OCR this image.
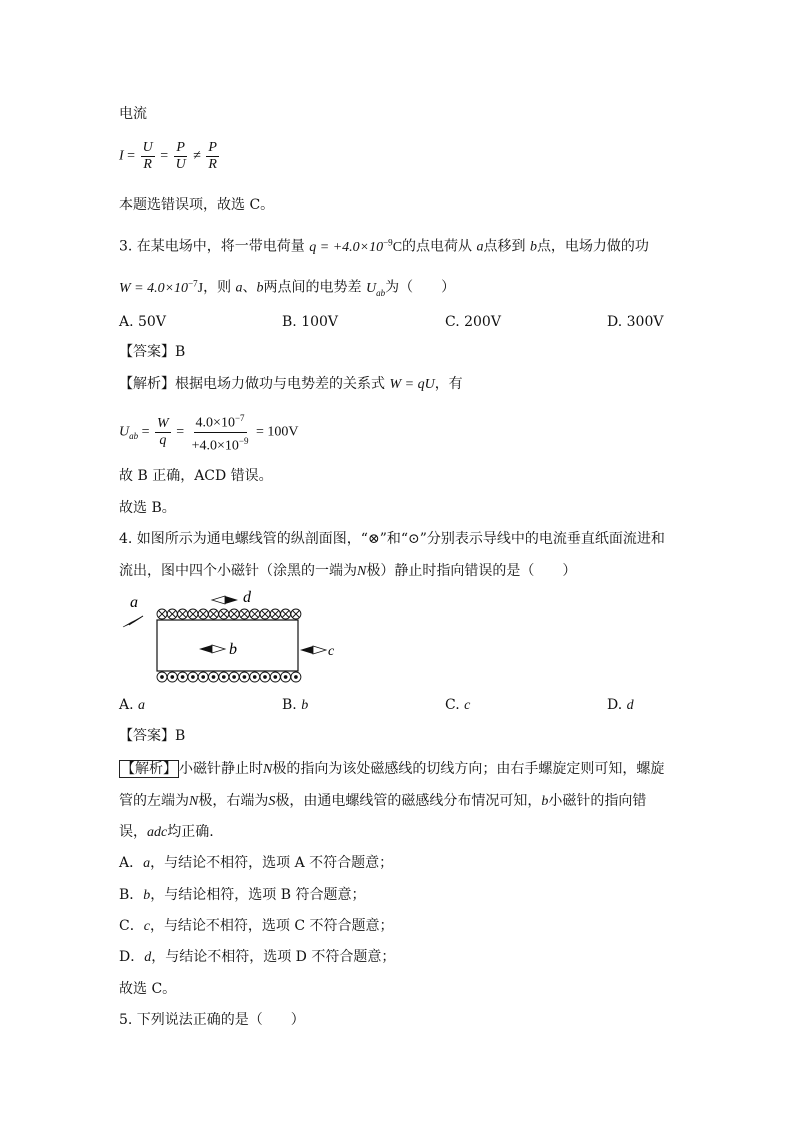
电流
$I = \frac{U}{R} = \frac{P}{U} \ne \frac{P}{R}$
本题选错误项，故选 C。
3. 在某电场中，将一带电荷量 $q = +4.0\times 10^{-9}C$的点电荷从 a点移到 b点，电场力做的功
$W = 4.0\times 10^{-7}J$，则 a、b两点间的电势差 $U_{ab}$为（　　）
A. 50V	B. 100V	C. 200V	D. 300V
【答案】B
【解析】根据电场力做功与电势差的关系式 W = qU，有
$U_{ab} = \frac{W}{q} = \frac{4.0\times 10^{-7}}{+4.0\times 10^{-9}} = 100V$
故 B 正确，ACD 错误。
故选 B。
4. 如图所示为通电螺线管的纵剖面图，“⊗”和“⊙”分别表示导线中的电流垂直纸面流进和
流出，图中四个小磁针（涂黑的一端为N极）静止时指向错误的是（　　）
a	d
b	c
A. a	B. b	C. c	D. d
【答案】B
【解析】 小磁针静止时N极的指向为该处磁感线的切线方向；由右手螺旋定则可知，螺旋
管的左端为N极，右端为S极，由通电螺线管的磁感线分布情况可知，b小磁针的指向错
误，adc均正确.
A．a，与结论不相符，选项 A 不符合题意；
B．b，与结论相符，选项 B 符合题意；
C．c，与结论不相符，选项 C 不符合题意；
D．d，与结论不相符，选项 D 不符合题意；
故选 C。
5. 下列说法正确的是（　　）
